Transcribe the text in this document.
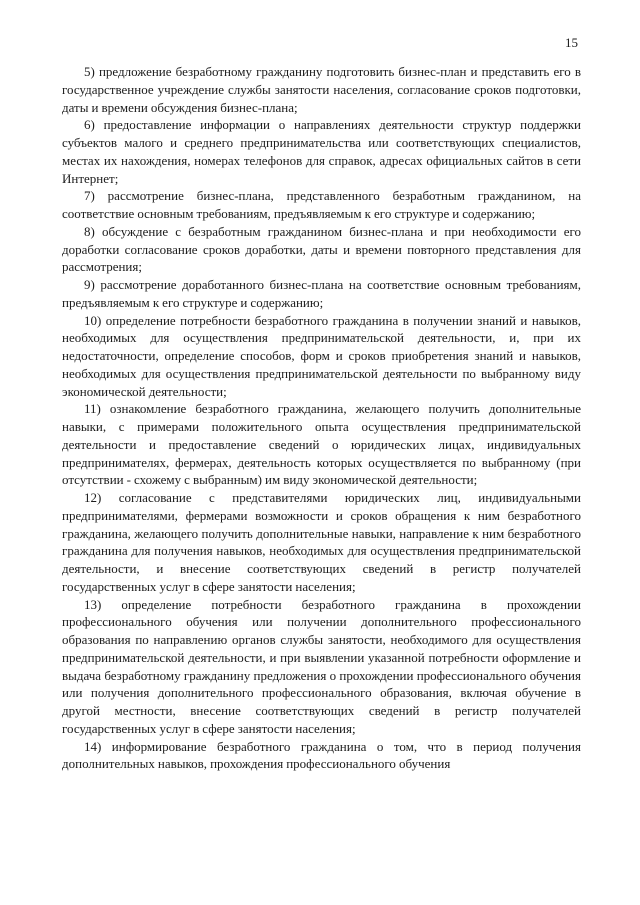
15

5) предложение безработному гражданину подготовить бизнес-план и представить его в государственное учреждение службы занятости населения, согласование сроков подготовки, даты и времени обсуждения бизнес-плана;

6) предоставление информации о направлениях деятельности структур поддержки субъектов малого и среднего предпринимательства или соответствующих специалистов, местах их нахождения, номерах телефонов для справок, адресах официальных сайтов в сети Интернет;

7) рассмотрение бизнес-плана, представленного безработным гражданином, на соответствие основным требованиям, предъявляемым к его структуре и содержанию;

8) обсуждение с безработным гражданином бизнес-плана и при необходимости его доработки согласование сроков доработки, даты и времени повторного представления для рассмотрения;

9) рассмотрение доработанного бизнес-плана на соответствие основным требованиям, предъявляемым к его структуре и содержанию;

10) определение потребности безработного гражданина в получении знаний и навыков, необходимых для осуществления предпринимательской деятельности, и, при их недостаточности, определение способов, форм и сроков приобретения знаний и навыков, необходимых для осуществления предпринимательской деятельности по выбранному виду экономической деятельности;

11) ознакомление безработного гражданина, желающего получить дополнительные навыки, с примерами положительного опыта осуществления предпринимательской деятельности и предоставление сведений о юридических лицах, индивидуальных предпринимателях, фермерах, деятельность которых осуществляется по выбранному (при отсутствии - схожему с выбранным) им виду экономической деятельности;

12) согласование с представителями юридических лиц, индивидуальными предпринимателями, фермерами возможности и сроков обращения к ним безработного гражданина, желающего получить дополнительные навыки, направление к ним безработного гражданина для получения навыков, необходимых для осуществления предпринимательской деятельности, и внесение соответствующих сведений в регистр получателей государственных услуг в сфере занятости населения;

13) определение потребности безработного гражданина в прохождении профессионального обучения или получении дополнительного профессионального образования по направлению органов службы занятости, необходимого для осуществления предпринимательской деятельности, и при выявлении указанной потребности оформление и выдача безработному гражданину предложения о прохождении профессионального обучения или получения дополнительного профессионального образования, включая обучение в другой местности, внесение соответствующих сведений в регистр получателей государственных услуг в сфере занятости населения;

14) информирование безработного гражданина о том, что в период получения дополнительных навыков, прохождения профессионального обучения
